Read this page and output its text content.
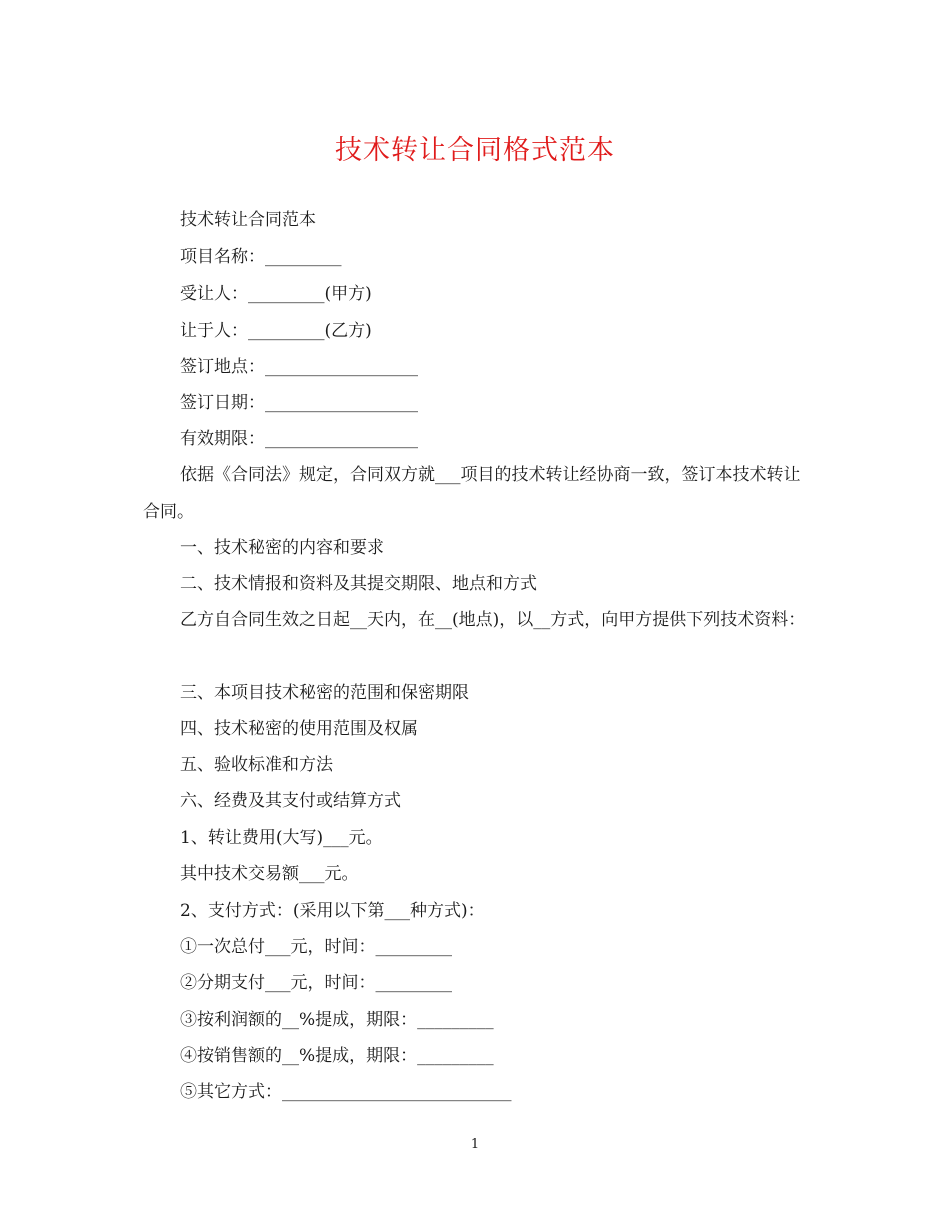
技术转让合同格式范本
技术转让合同范本
项目名称：_________
受让人：_________(甲方)
让于人：_________(乙方)
签订地点：__________________
签订日期：__________________
有效期限：__________________
依据《合同法》规定，合同双方就___项目的技术转让经协商一致，签订本技术转让合同。
一、技术秘密的内容和要求
二、技术情报和资料及其提交期限、地点和方式
乙方自合同生效之日起__天内，在__(地点)，以__方式，向甲方提供下列技术资料：
三、本项目技术秘密的范围和保密期限
四、技术秘密的使用范围及权属
五、验收标准和方法
六、经费及其支付或结算方式
1、转让费用(大写)___元。
其中技术交易额___元。
2、支付方式：(采用以下第___种方式)：
①一次总付___元，时间：_________
②分期支付___元，时间：_________
③按利润额的__%提成，期限：_________
④按销售额的__%提成，期限：_________
⑤其它方式：___________________________
1
